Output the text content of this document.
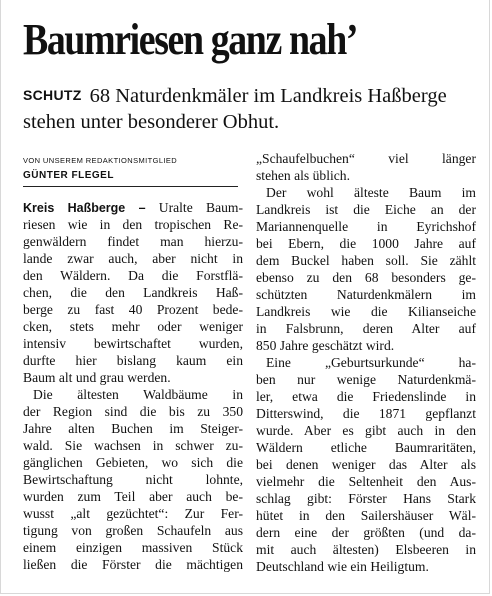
Baumriesen ganz nah’
SCHUTZ 68 Naturdenkmäler im Landkreis Haßberge stehen unter besonderer Obhut.
VON UNSEREM REDAKTIONSMITGLIED
GÜNTER FLEGEL
Kreis Haßberge – Uralte Baum-
riesen wie in den tropischen Re-
genwäldern findet man hierzu-
lande zwar auch, aber nicht in
den Wäldern. Da die Forstflä-
chen, die den Landkreis Haß-
berge zu fast 40 Prozent bede-
cken, stets mehr oder weniger
intensiv bewirtschaftet wurden,
durfte hier bislang kaum ein
Baum alt und grau werden.
Die ältesten Waldbäume in
der Region sind die bis zu 350
Jahre alten Buchen im Steiger-
wald. Sie wachsen in schwer zu-
gänglichen Gebieten, wo sich die
Bewirtschaftung nicht lohnte,
wurden zum Teil aber auch be-
wusst „alt gezüchtet“: Zur Fer-
tigung von großen Schaufeln aus
einem einzigen massiven Stück
ließen die Förster die mächtigen
„Schaufelbuchen“ viel länger
stehen als üblich.
Der wohl älteste Baum im
Landkreis ist die Eiche an der
Mariannenquelle in Eyrichshof
bei Ebern, die 1000 Jahre auf
dem Buckel haben soll. Sie zählt
ebenso zu den 68 besonders ge-
schützten Naturdenkmälern im
Landkreis wie die Kilianseiche
in Falsbrunn, deren Alter auf
850 Jahre geschätzt wird.
Eine „Geburtsurkunde“ ha-
ben nur wenige Naturdenkmä-
ler, etwa die Friedenslinde in
Ditterswind, die 1871 gepflanzt
wurde. Aber es gibt auch in den
Wäldern etliche Baumraritäten,
bei denen weniger das Alter als
vielmehr die Seltenheit den Aus-
schlag gibt: Förster Hans Stark
hütet in den Sailershäuser Wäl-
dern eine der größten (und da-
mit auch ältesten) Elsbeeren in
Deutschland wie ein Heiligtum.
